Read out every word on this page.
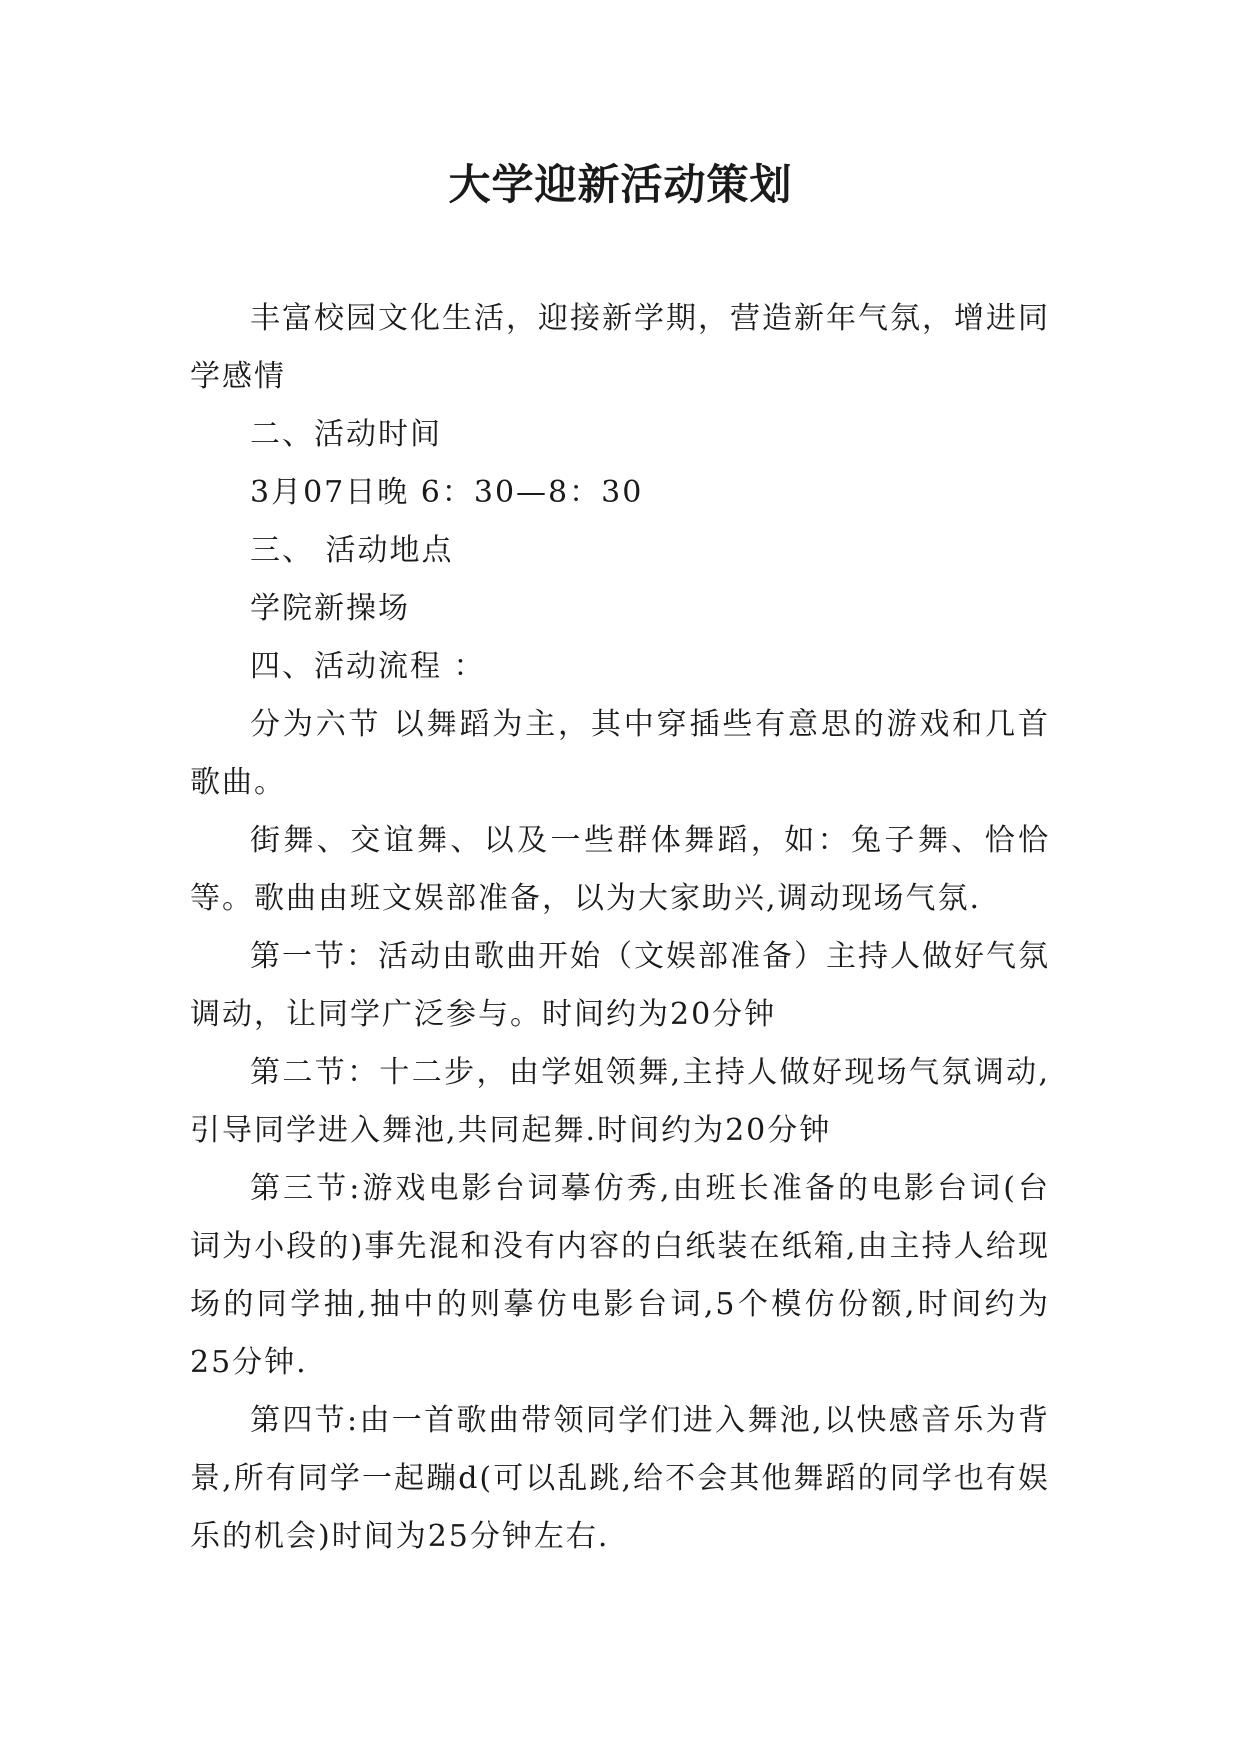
大学迎新活动策划

丰富校园文化生活，迎接新学期，营造新年气氛，增进同学感情

二、活动时间

3月07日晚 6：30—8：30

三、 活动地点

学院新操场

四、活动流程 ：

分为六节 以舞蹈为主，其中穿插些有意思的游戏和几首歌曲。

街舞、交谊舞、以及一些群体舞蹈，如：兔子舞、恰恰等。歌曲由班文娱部准备，以为大家助兴,调动现场气氛.

第一节：活动由歌曲开始（文娱部准备）主持人做好气氛调动，让同学广泛参与。时间约为20分钟

第二节：十二步，由学姐领舞,主持人做好现场气氛调动,引导同学进入舞池,共同起舞.时间约为20分钟

第三节:游戏电影台词摹仿秀,由班长准备的电影台词(台词为小段的)事先混和没有内容的白纸装在纸箱,由主持人给现场的同学抽,抽中的则摹仿电影台词,5个模仿份额,时间约为25分钟.

第四节:由一首歌曲带领同学们进入舞池,以快感音乐为背景,所有同学一起蹦d(可以乱跳,给不会其他舞蹈的同学也有娱乐的机会)时间为25分钟左右.
